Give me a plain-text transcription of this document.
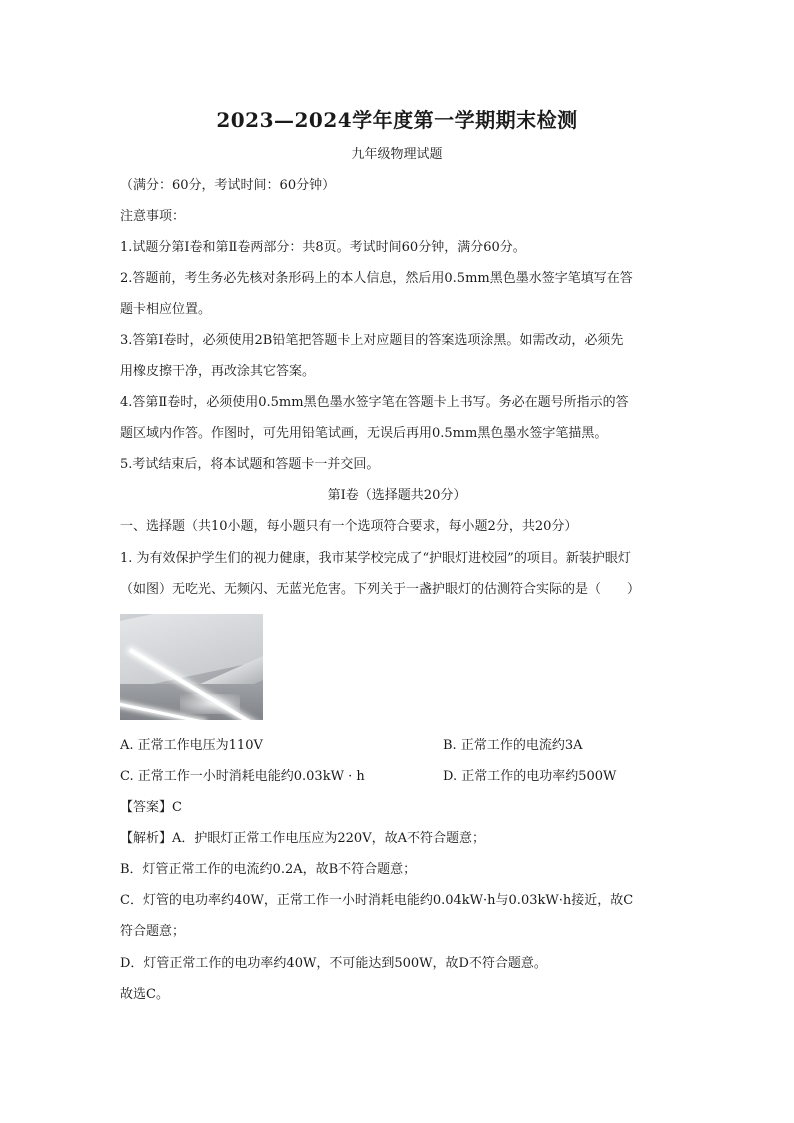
2023—2024学年度第一学期期末检测
九年级物理试题
（满分：60分，考试时间：60分钟）
注意事项：
1.试题分第Ⅰ卷和第Ⅱ卷两部分：共8页。考试时间60分钟，满分60分。
2.答题前，考生务必先核对条形码上的本人信息，然后用0.5mm黑色墨水签字笔填写在答
题卡相应位置。
3.答第Ⅰ卷时，必须使用2B铅笔把答题卡上对应题目的答案选项涂黑。如需改动，必须先
用橡皮擦干净，再改涂其它答案。
4.答第Ⅱ卷时，必须使用0.5mm黑色墨水签字笔在答题卡上书写。务必在题号所指示的答
题区域内作答。作图时，可先用铅笔试画，无误后再用0.5mm黑色墨水签字笔描黑。
5.考试结束后，将本试题和答题卡一并交回。
第Ⅰ卷（选择题共20分）
一、选择题（共10小题，每小题只有一个选项符合要求，每小题2分，共20分）
1. 为有效保护学生们的视力健康，我市某学校完成了“护眼灯进校园”的项目。新装护眼灯
（如图）无吃光、无频闪、无蓝光危害。下列关于一盏护眼灯的估测符合实际的是（　　）
A. 正常工作电压为110V	B. 正常工作的电流约3A
C. 正常工作一小时消耗电能约0.03kW · h	D. 正常工作的电功率约500W
【答案】C
【解析】A．护眼灯正常工作电压应为220V，故A不符合题意；
B．灯管正常工作的电流约0.2A，故B不符合题意；
C．灯管的电功率约40W，正常工作一小时消耗电能约0.04kW·h与0.03kW·h接近，故C
符合题意；
D．灯管正常工作的电功率约40W，不可能达到500W，故D不符合题意。
故选C。
